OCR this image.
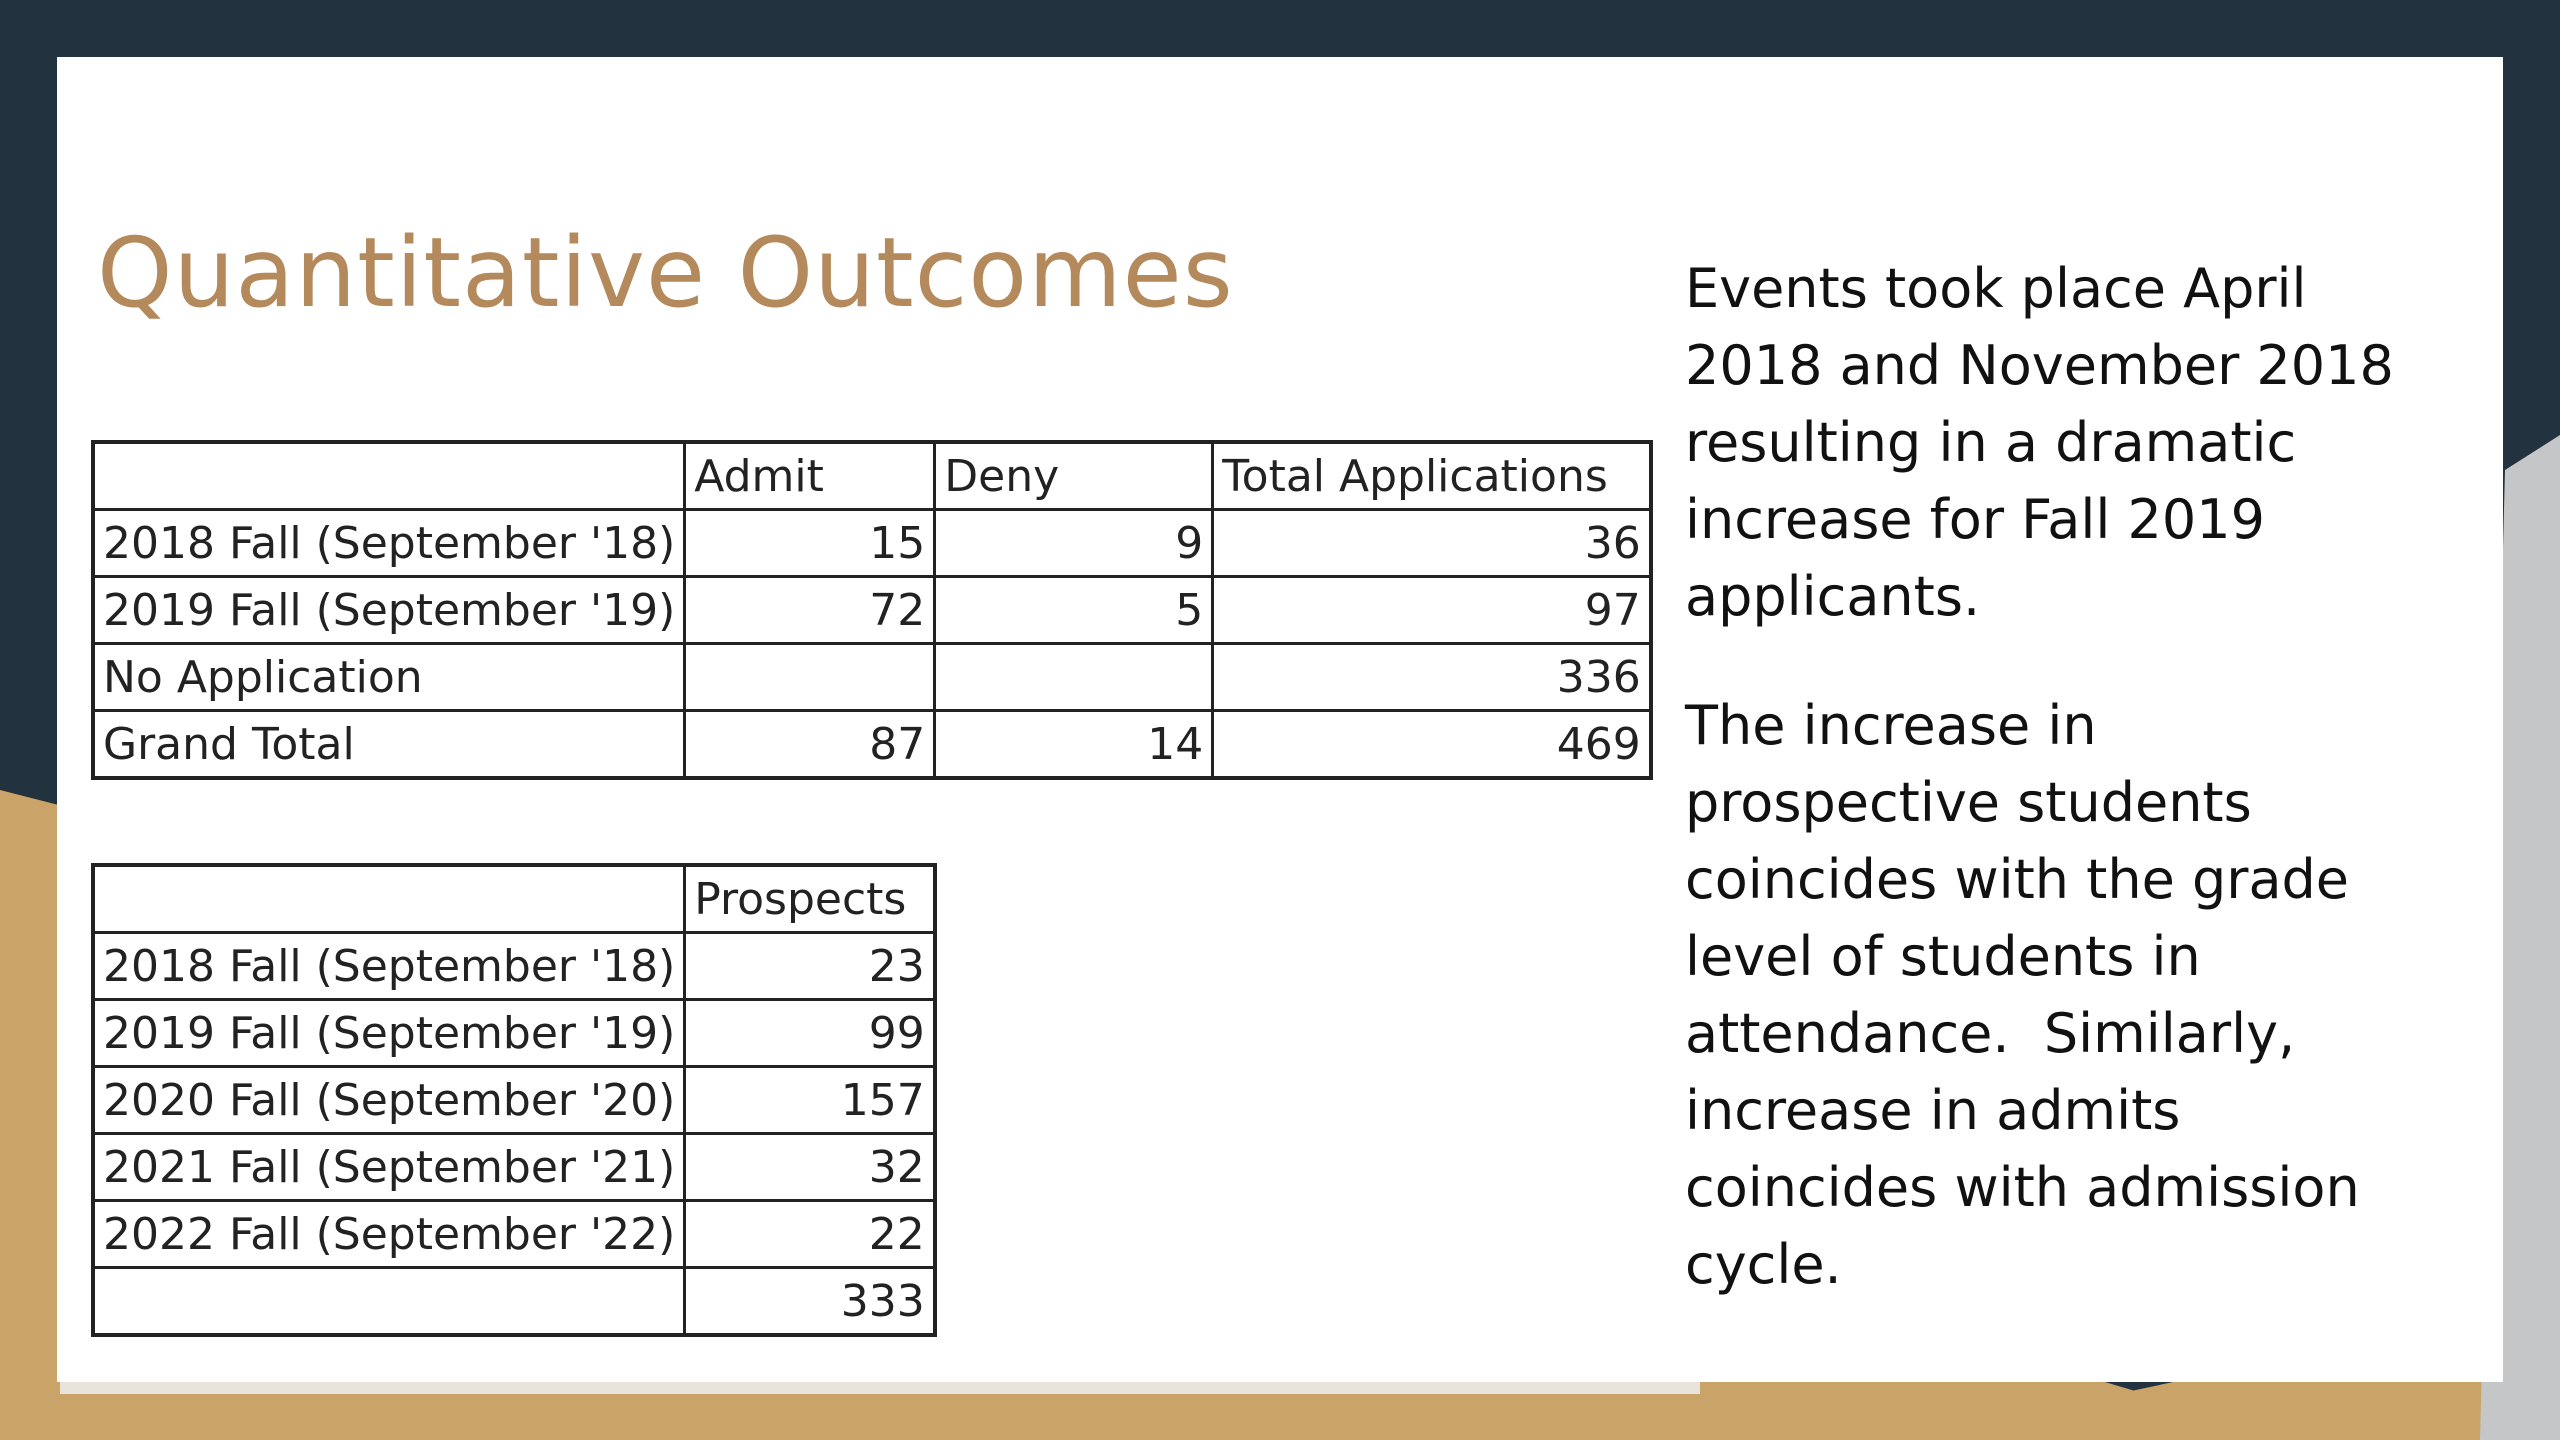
Quantitative Outcomes
	Admit	Deny	Total Applications
2018 Fall (September '18)	15	9	36
2019 Fall (September '19)	72	5	97
No Application			336
Grand Total	87	14	469
	Prospects
2018 Fall (September '18)	23
2019 Fall (September '19)	99
2020 Fall (September '20)	157
2021 Fall (September '21)	32
2022 Fall (September '22)	22
	333

Events took place April 2018 and November 2018 resulting in a dramatic increase for Fall 2019 applicants.

The increase in prospective students coincides with the grade level of students in attendance.  Similarly, increase in admits coincides with admission cycle.
